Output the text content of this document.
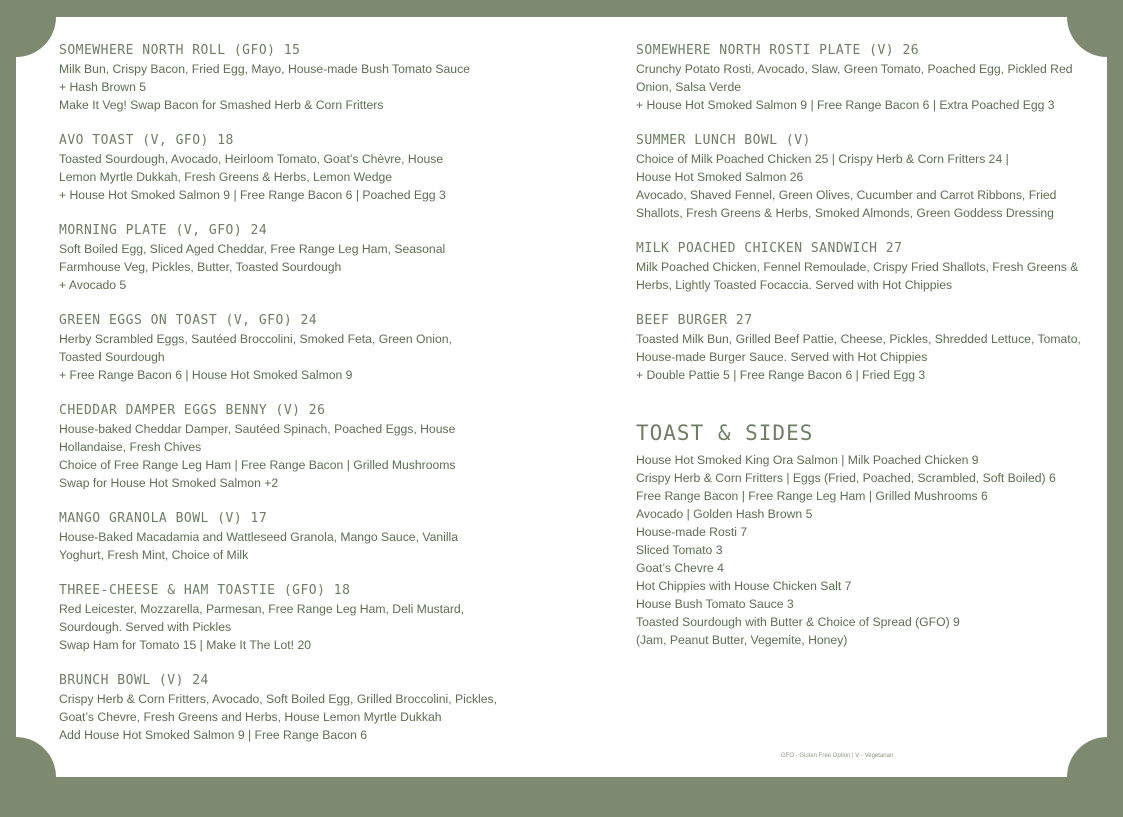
SOMEWHERE NORTH ROLL (GFO) 15
Milk Bun, Crispy Bacon, Fried Egg, Mayo, House-made Bush Tomato Sauce
+ Hash Brown 5
Make It Veg! Swap Bacon for Smashed Herb & Corn Fritters
AVO TOAST (V, GFO) 18
Toasted Sourdough, Avocado, Heirloom Tomato, Goat’s Chèvre, House
Lemon Myrtle Dukkah, Fresh Greens & Herbs, Lemon Wedge
+ House Hot Smoked Salmon 9 | Free Range Bacon 6 | Poached Egg 3
MORNING PLATE (V, GFO) 24
Soft Boiled Egg, Sliced Aged Cheddar, Free Range Leg Ham, Seasonal
Farmhouse Veg, Pickles, Butter, Toasted Sourdough
+ Avocado 5
GREEN EGGS ON TOAST (V, GFO) 24
Herby Scrambled Eggs, Sautéed Broccolini, Smoked Feta, Green Onion,
Toasted Sourdough
+ Free Range Bacon 6 | House Hot Smoked Salmon 9
CHEDDAR DAMPER EGGS BENNY (V) 26
House-baked Cheddar Damper, Sautéed Spinach, Poached Eggs, House
Hollandaise, Fresh Chives
Choice of Free Range Leg Ham | Free Range Bacon | Grilled Mushrooms
Swap for House Hot Smoked Salmon +2
MANGO GRANOLA BOWL (V) 17
House-Baked Macadamia and Wattleseed Granola, Mango Sauce, Vanilla
Yoghurt, Fresh Mint, Choice of Milk
THREE-CHEESE & HAM TOASTIE (GFO) 18
Red Leicester, Mozzarella, Parmesan, Free Range Leg Ham, Deli Mustard,
Sourdough. Served with Pickles
Swap Ham for Tomato 15 | Make It The Lot! 20
BRUNCH BOWL (V) 24
Crispy Herb & Corn Fritters, Avocado, Soft Boiled Egg, Grilled Broccolini, Pickles,
Goat’s Chevre, Fresh Greens and Herbs, House Lemon Myrtle Dukkah
Add House Hot Smoked Salmon 9 | Free Range Bacon 6
SOMEWHERE NORTH ROSTI PLATE (V) 26
Crunchy Potato Rosti, Avocado, Slaw, Green Tomato, Poached Egg, Pickled Red
Onion, Salsa Verde
+ House Hot Smoked Salmon 9 | Free Range Bacon 6 | Extra Poached Egg 3
SUMMER LUNCH BOWL (V)
Choice of Milk Poached Chicken 25 | Crispy Herb & Corn Fritters 24 |
House Hot Smoked Salmon 26
Avocado, Shaved Fennel, Green Olives, Cucumber and Carrot Ribbons, Fried
Shallots, Fresh Greens & Herbs, Smoked Almonds, Green Goddess Dressing
MILK POACHED CHICKEN SANDWICH 27
Milk Poached Chicken, Fennel Remoulade, Crispy Fried Shallots, Fresh Greens &
Herbs, Lightly Toasted Focaccia. Served with Hot Chippies
BEEF BURGER 27
Toasted Milk Bun, Grilled Beef Pattie, Cheese, Pickles, Shredded Lettuce, Tomato,
House-made Burger Sauce. Served with Hot Chippies
+ Double Pattie 5 | Free Range Bacon 6 | Fried Egg 3
TOAST & SIDES
House Hot Smoked King Ora Salmon | Milk Poached Chicken 9
Crispy Herb & Corn Fritters | Eggs (Fried, Poached, Scrambled, Soft Boiled) 6
Free Range Bacon | Free Range Leg Ham | Grilled Mushrooms 6
Avocado | Golden Hash Brown 5
House-made Rosti 7
Sliced Tomato 3
Goat’s Chevre 4
Hot Chippies with House Chicken Salt 7
House Bush Tomato Sauce 3
Toasted Sourdough with Butter & Choice of Spread (GFO) 9
(Jam, Peanut Butter, Vegemite, Honey)
GFO - Gluten Free Option | V - Vegetarian
